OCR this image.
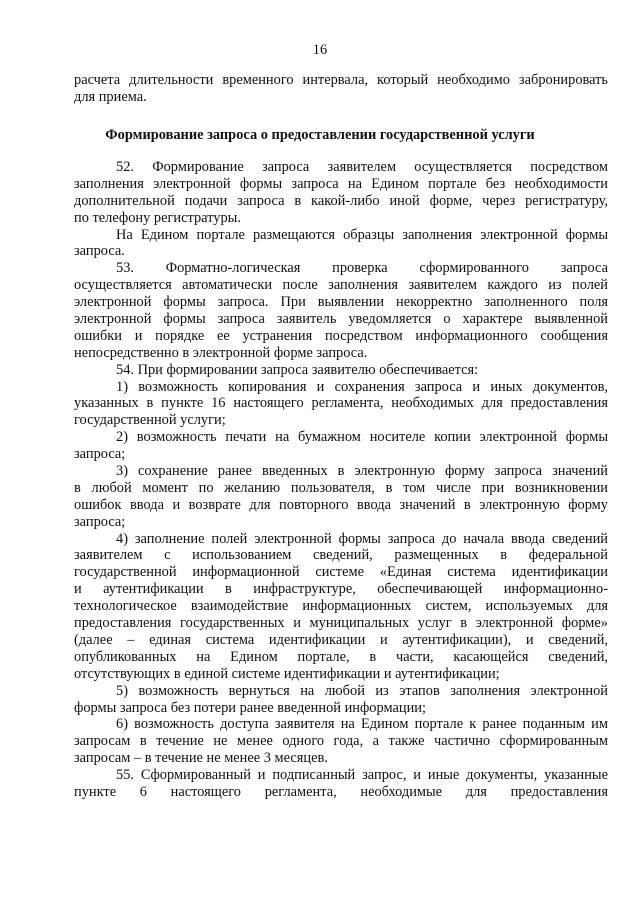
16
расчета длительности временного интервала, который необходимо забронировать
для приема.
Формирование запроса о предоставлении государственной услуги
52. Формирование запроса заявителем осуществляется посредством
заполнения электронной формы запроса на Едином портале без необходимости
дополнительной подачи запроса в какой-либо иной форме, через регистратуру,
по телефону регистратуры.
На Едином портале размещаются образцы заполнения электронной формы
запроса.
53. Форматно-логическая проверка сформированного запроса
осуществляется автоматически после заполнения заявителем каждого из полей
электронной формы запроса. При выявлении некорректно заполненного поля
электронной формы запроса заявитель уведомляется о характере выявленной
ошибки и порядке ее устранения посредством информационного сообщения
непосредственно в электронной форме запроса.
54. При формировании запроса заявителю обеспечивается:
1) возможность копирования и сохранения запроса и иных документов,
указанных в пункте 16 настоящего регламента, необходимых для предоставления
государственной услуги;
2) возможность печати на бумажном носителе копии электронной формы
запроса;
3) сохранение ранее введенных в электронную форму запроса значений
в любой момент по желанию пользователя, в том числе при возникновении
ошибок ввода и возврате для повторного ввода значений в электронную форму
запроса;
4) заполнение полей электронной формы запроса до начала ввода сведений
заявителем с использованием сведений, размещенных в федеральной
государственной информационной системе «Единая система идентификации
и аутентификации в инфраструктуре, обеспечивающей информационно-
технологическое взаимодействие информационных систем, используемых для
предоставления государственных и муниципальных услуг в электронной форме»
(далее – единая система идентификации и аутентификации), и сведений,
опубликованных на Едином портале, в части, касающейся сведений,
отсутствующих в единой системе идентификации и аутентификации;
5) возможность вернуться на любой из этапов заполнения электронной
формы запроса без потери ранее введенной информации;
6) возможность доступа заявителя на Едином портале к ранее поданным им
запросам в течение не менее одного года, а также частично сформированным
запросам – в течение не менее 3 месяцев.
55. Сформированный и подписанный запрос, и иные документы, указанные
пункте 6 настоящего регламента, необходимые для предоставления
